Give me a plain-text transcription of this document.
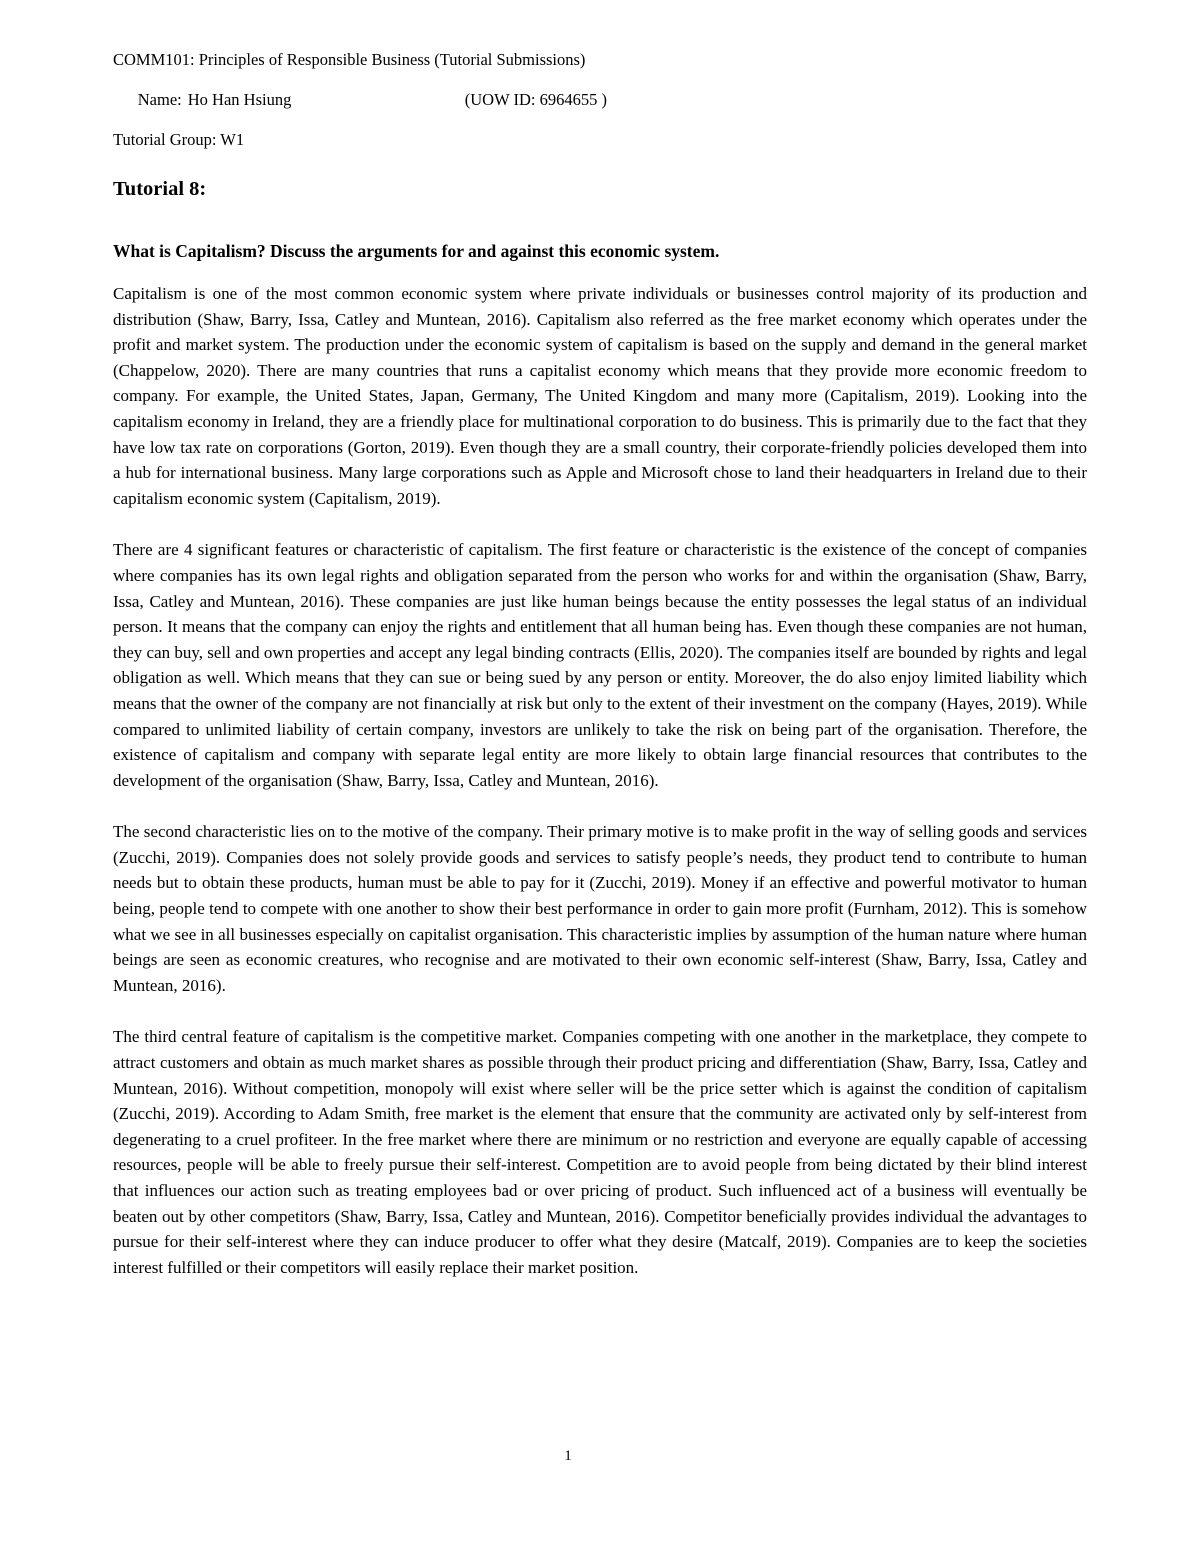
COMM101: Principles of Responsible Business (Tutorial Submissions)

Name: Ho Han Hsiung	(UOW ID: 6964655 )

Tutorial Group: W1
Tutorial 8:
What is Capitalism? Discuss the arguments for and against this economic system.

Capitalism is one of the most common economic system where private individuals or businesses control majority of its production and distribution (Shaw, Barry, Issa, Catley and Muntean, 2016). Capitalism also referred as the free market economy which operates under the profit and market system. The production under the economic system of capitalism is based on the supply and demand in the general market (Chappelow, 2020). There are many countries that runs a capitalist economy which means that they provide more economic freedom to company. For example, the United States, Japan, Germany, The United Kingdom and many more (Capitalism, 2019). Looking into the capitalism economy in Ireland, they are a friendly place for multinational corporation to do business. This is primarily due to the fact that they have low tax rate on corporations (Gorton, 2019). Even though they are a small country, their corporate-friendly policies developed them into a hub for international business. Many large corporations such as Apple and Microsoft chose to land their headquarters in Ireland due to their capitalism economic system (Capitalism, 2019).

There are 4 significant features or characteristic of capitalism. The first feature or characteristic is the existence of the concept of companies where companies has its own legal rights and obligation separated from the person who works for and within the organisation (Shaw, Barry, Issa, Catley and Muntean, 2016). These companies are just like human beings because the entity possesses the legal status of an individual person. It means that the company can enjoy the rights and entitlement that all human being has. Even though these companies are not human, they can buy, sell and own properties and accept any legal binding contracts (Ellis, 2020). The companies itself are bounded by rights and legal obligation as well. Which means that they can sue or being sued by any person or entity. Moreover, the do also enjoy limited liability which means that the owner of the company are not financially at risk but only to the extent of their investment on the company (Hayes, 2019). While compared to unlimited liability of certain company, investors are unlikely to take the risk on being part of the organisation. Therefore, the existence of capitalism and company with separate legal entity are more likely to obtain large financial resources that contributes to the development of the organisation (Shaw, Barry, Issa, Catley and Muntean, 2016).

The second characteristic lies on to the motive of the company. Their primary motive is to make profit in the way of selling goods and services (Zucchi, 2019). Companies does not solely provide goods and services to satisfy people’s needs, they product tend to contribute to human needs but to obtain these products, human must be able to pay for it (Zucchi, 2019). Money if an effective and powerful motivator to human being, people tend to compete with one another to show their best performance in order to gain more profit (Furnham, 2012). This is somehow what we see in all businesses especially on capitalist organisation. This characteristic implies by assumption of the human nature where human beings are seen as economic creatures, who recognise and are motivated to their own economic self-interest (Shaw, Barry, Issa, Catley and Muntean, 2016).

The third central feature of capitalism is the competitive market. Companies competing with one another in the marketplace, they compete to attract customers and obtain as much market shares as possible through their product pricing and differentiation (Shaw, Barry, Issa, Catley and Muntean, 2016). Without competition, monopoly will exist where seller will be the price setter which is against the condition of capitalism (Zucchi, 2019). According to Adam Smith, free market is the element that ensure that the community are activated only by self-interest from degenerating to a cruel profiteer. In the free market where there are minimum or no restriction and everyone are equally capable of accessing resources, people will be able to freely pursue their self-interest. Competition are to avoid people from being dictated by their blind interest that influences our action such as treating employees bad or over pricing of product. Such influenced act of a business will eventually be beaten out by other competitors (Shaw, Barry, Issa, Catley and Muntean, 2016). Competitor beneficially provides individual the advantages to pursue for their self-interest where they can induce producer to offer what they desire (Matcalf, 2019). Companies are to keep the societies interest fulfilled or their competitors will easily replace their market position.

1
